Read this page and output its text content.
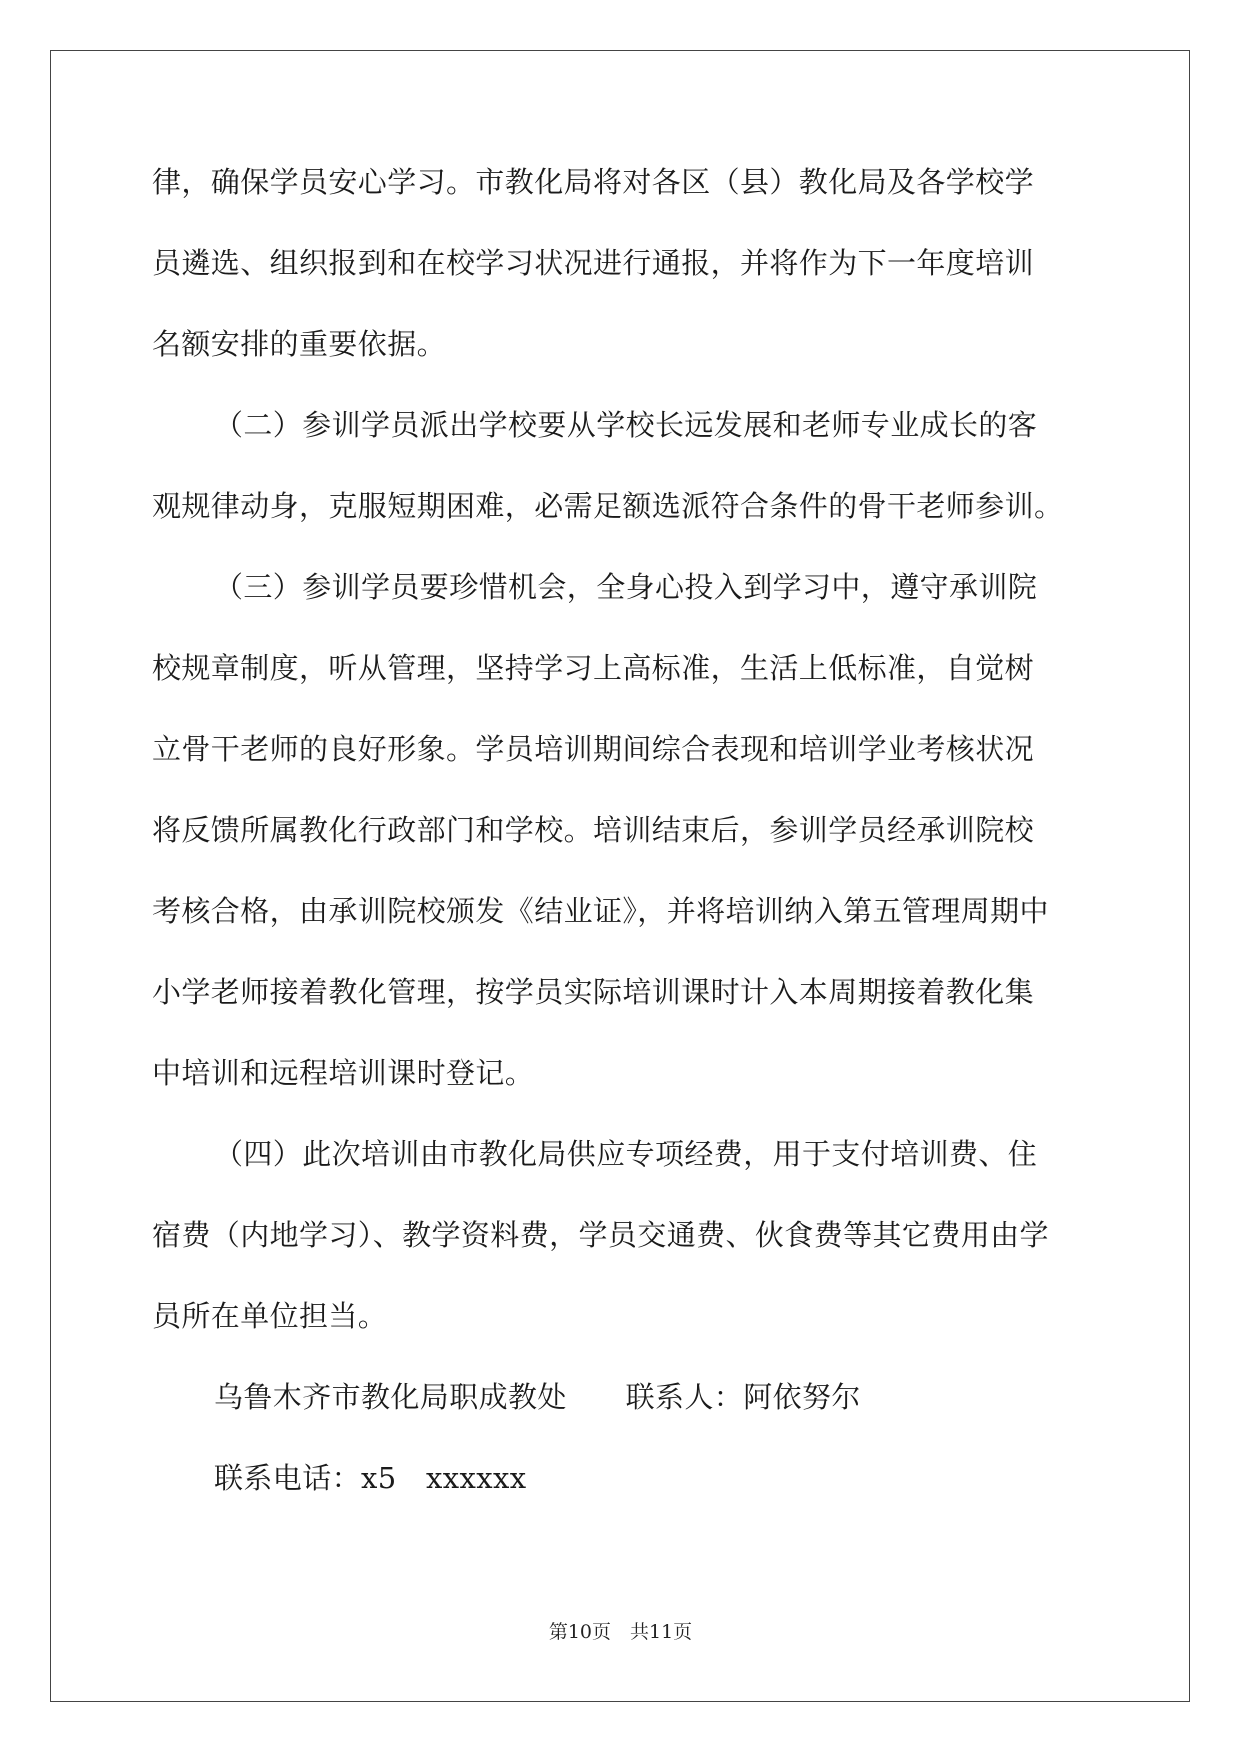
律，确保学员安心学习。市教化局将对各区（县）教化局及各学校学
员遴选、组织报到和在校学习状况进行通报，并将作为下一年度培训
名额安排的重要依据。
（二）参训学员派出学校要从学校长远发展和老师专业成长的客
观规律动身，克服短期困难，必需足额选派符合条件的骨干老师参训。
（三）参训学员要珍惜机会，全身心投入到学习中，遵守承训院
校规章制度，听从管理，坚持学习上高标准，生活上低标准，自觉树
立骨干老师的良好形象。学员培训期间综合表现和培训学业考核状况
将反馈所属教化行政部门和学校。培训结束后，参训学员经承训院校
考核合格，由承训院校颁发《结业证》，并将培训纳入第五管理周期中
小学老师接着教化管理，按学员实际培训课时计入本周期接着教化集
中培训和远程培训课时登记。
（四）此次培训由市教化局供应专项经费，用于支付培训费、住
宿费（内地学习）、教学资料费，学员交通费、伙食费等其它费用由学
员所在单位担当。
乌鲁木齐市教化局职成教处　　联系人：阿依努尔
联系电话：x5　xxxxxx
第10页　共11页
